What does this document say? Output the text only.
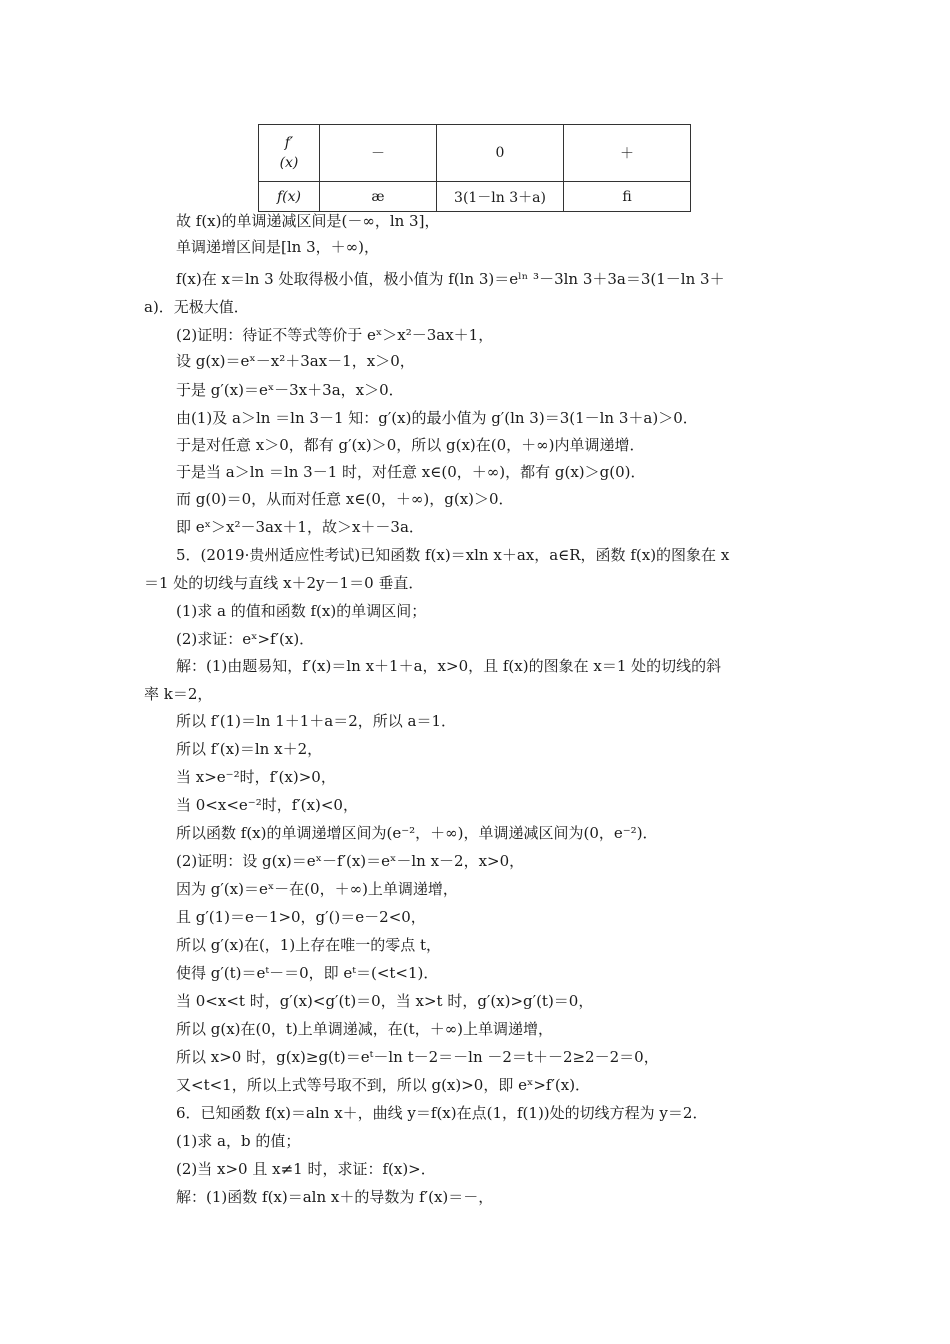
f′
(x)	－	0	＋
f(x)	æ	3(1－ln 3＋a)	ﬁ
故 f(x)的单调递减区间是(－∞，ln 3]，
单调递增区间是[ln 3，＋∞)，
f(x)在 x＝ln 3 处取得极小值，极小值为 f(ln 3)＝eˡⁿ ³－3ln 3＋3a＝3(1－ln 3＋
a)．无极大值．
(2)证明：待证不等式等价于 eˣ＞x²－3ax＋1，
设 g(x)＝eˣ－x²＋3ax－1，x＞0，
于是 g′(x)＝eˣ－3x＋3a，x＞0．
由(1)及 a＞ln ＝ln 3－1 知：g′(x)的最小值为 g′(ln 3)＝3(1－ln 3＋a)＞0．
于是对任意 x＞0，都有 g′(x)＞0，所以 g(x)在(0，＋∞)内单调递增．
于是当 a＞ln ＝ln 3－1 时，对任意 x∈(0，＋∞)，都有 g(x)＞g(0)．
而 g(0)＝0，从而对任意 x∈(0，＋∞)，g(x)＞0．
即 eˣ＞x²－3ax＋1，故＞x＋－3a．
5．(2019·贵州适应性考试)已知函数 f(x)＝xln x＋ax，a∈R，函数 f(x)的图象在 x
＝1 处的切线与直线 x＋2y－1＝0 垂直．
(1)求 a 的值和函数 f(x)的单调区间；
(2)求证：eˣ>f′(x)．
解：(1)由题易知，f′(x)＝ln x＋1＋a，x>0，且 f(x)的图象在 x＝1 处的切线的斜
率 k＝2，
所以 f′(1)＝ln 1＋1＋a＝2，所以 a＝1．
所以 f′(x)＝ln x＋2，
当 x>e⁻²时，f′(x)>0，
当 0<x<e⁻²时，f′(x)<0，
所以函数 f(x)的单调递增区间为(e⁻²，＋∞)，单调递减区间为(0，e⁻²)．
(2)证明：设 g(x)＝eˣ－f′(x)＝eˣ－ln x－2，x>0，
因为 g′(x)＝eˣ－在(0，＋∞)上单调递增，
且 g′(1)＝e－1>0，g′()＝e－2<0，
所以 g′(x)在(，1)上存在唯一的零点 t，
使得 g′(t)＝eᵗ－＝0，即 eᵗ＝(<t<1)．
当 0<x<t 时，g′(x)<g′(t)＝0，当 x>t 时，g′(x)>g′(t)＝0，
所以 g(x)在(0，t)上单调递减，在(t，＋∞)上单调递增，
所以 x>0 时，g(x)≥g(t)＝eᵗ－ln t－2＝－ln －2＝t＋－2≥2－2＝0，
又<t<1，所以上式等号取不到，所以 g(x)>0，即 eˣ>f′(x)．
6．已知函数 f(x)＝aln x＋，曲线 y＝f(x)在点(1，f(1))处的切线方程为 y＝2．
(1)求 a，b 的值；
(2)当 x>0 且 x≠1 时，求证：f(x)>．
解：(1)函数 f(x)＝aln x＋的导数为 f′(x)＝－，
